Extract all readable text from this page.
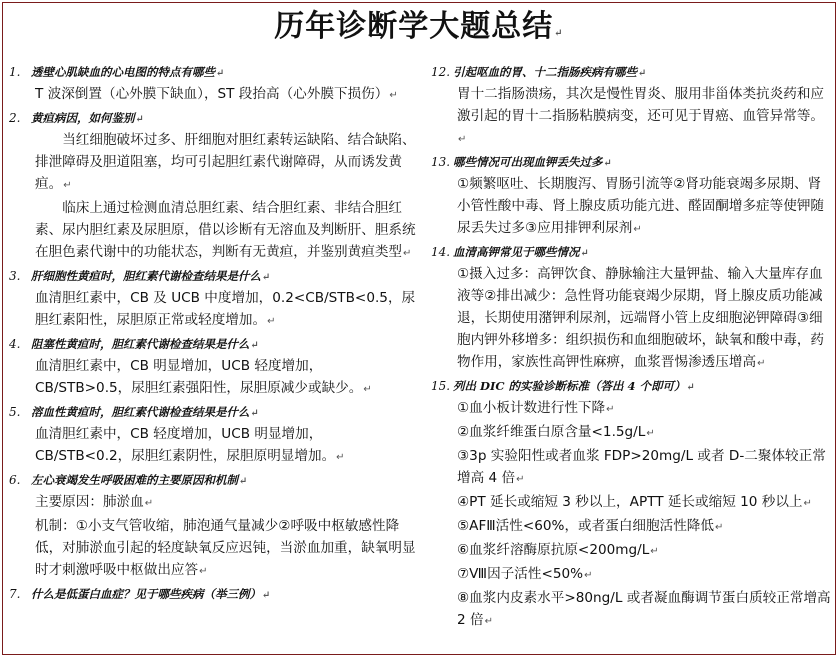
历年诊断学大题总结↵
1. 透壁心肌缺血的心电图的特点有哪些↵
T 波深倒置（心外膜下缺血），ST 段抬高（心外膜下损伤）↵
2. 黄疸病因，如何鉴别↵
当红细胞破坏过多、肝细胞对胆红素转运缺陷、结合缺陷、排泄障碍及胆道阻塞，均可引起胆红素代谢障碍，从而诱发黄疸。↵
临床上通过检测血清总胆红素、结合胆红素、非结合胆红素、尿内胆红素及尿胆原，借以诊断有无溶血及判断肝、胆系统在胆色素代谢中的功能状态，判断有无黄疸，并鉴别黄疸类型↵
3. 肝细胞性黄疸时，胆红素代谢检查结果是什么↵
血清胆红素中，CB 及 UCB 中度增加，0.2<CB/STB<0.5，尿胆红素阳性，尿胆原正常或轻度增加。↵
4. 阻塞性黄疸时，胆红素代谢检查结果是什么↵
血清胆红素中，CB 明显增加，UCB 轻度增加，CB/STB>0.5，尿胆红素强阳性，尿胆原减少或缺少。↵
5. 溶血性黄疸时，胆红素代谢检查结果是什么↵
血清胆红素中，CB 轻度增加，UCB 明显增加，CB/STB<0.2，尿胆红素阴性，尿胆原明显增加。↵
6. 左心衰竭发生呼吸困难的主要原因和机制↵
主要原因：肺淤血↵
机制：①小支气管收缩，肺泡通气量减少②呼吸中枢敏感性降低，对肺淤血引起的轻度缺氧反应迟钝，当淤血加重，缺氧明显时才刺激呼吸中枢做出应答↵
7. 什么是低蛋白血症？见于哪些疾病（举三例）↵
12. 引起呕血的胃、十二指肠疾病有哪些↵
胃十二指肠溃疡，其次是慢性胃炎、服用非甾体类抗炎药和应激引起的胃十二指肠粘膜病变，还可见于胃癌、血管异常等。↵
13. 哪些情况可出现血钾丢失过多↵
①频繁呕吐、长期腹泻、胃肠引流等②肾功能衰竭多尿期、肾小管性酸中毒、肾上腺皮质功能亢进、醛固酮增多症等使钾随尿丢失过多③应用排钾利尿剂↵
14. 血清高钾常见于哪些情况↵
①摄入过多：高钾饮食、静脉输注大量钾盐、输入大量库存血液等②排出减少：急性肾功能衰竭少尿期，肾上腺皮质功能减退，长期使用潴钾利尿剂，远端肾小管上皮细胞泌钾障碍③细胞内钾外移增多：组织损伤和血细胞破坏，缺氧和酸中毒，药物作用，家族性高钾性麻痹，血浆晋惕渗透压增高↵
15. 列出 DIC 的实验诊断标准（答出 4 个即可）↵
①血小板计数进行性下降↵
②血浆纤维蛋白原含量<1.5g/L↵
③3p 实验阳性或者血浆 FDP>20mg/L 或者 D-二聚体较正常增高 4 倍↵
④PT 延长或缩短 3 秒以上，APTT 延长或缩短 10 秒以上↵
⑤AFⅢ活性<60%，或者蛋白细胞活性降低↵
⑥血浆纤溶酶原抗原<200mg/L↵
⑦Ⅷ因子活性<50%↵
⑧血浆内皮素水平>80ng/L 或者凝血酶调节蛋白质较正常增高 2 倍↵
